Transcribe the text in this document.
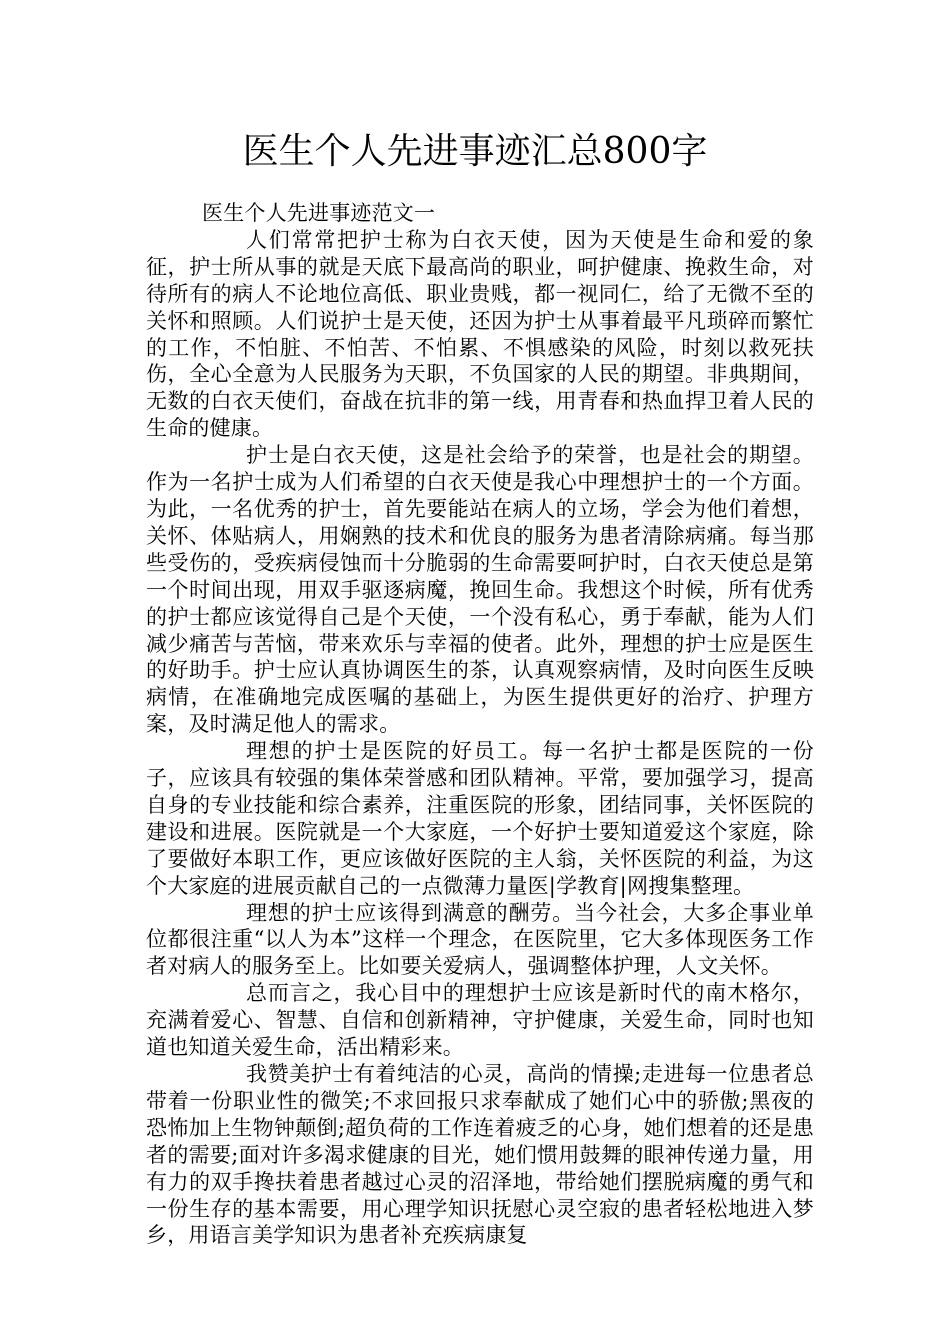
医生个人先进事迹汇总800字

医生个人先进事迹范文一

人们常常把护士称为白衣天使，因为天使是生命和爱的象征，护士所从事的就是天底下最高尚的职业，呵护健康、挽救生命，对待所有的病人不论地位高低、职业贵贱，都一视同仁，给了无微不至的关怀和照顾。人们说护士是天使，还因为护士从事着最平凡琐碎而繁忙的工作，不怕脏、不怕苦、不怕累、不惧感染的风险，时刻以救死扶伤，全心全意为人民服务为天职，不负国家的人民的期望。非典期间，无数的白衣天使们，奋战在抗非的第一线，用青春和热血捍卫着人民的生命的健康。

护士是白衣天使，这是社会给予的荣誉，也是社会的期望。作为一名护士成为人们希望的白衣天使是我心中理想护士的一个方面。为此，一名优秀的护士，首先要能站在病人的立场，学会为他们着想，关怀、体贴病人，用娴熟的技术和优良的服务为患者清除病痛。每当那些受伤的，受疾病侵蚀而十分脆弱的生命需要呵护时，白衣天使总是第一个时间出现，用双手驱逐病魔，挽回生命。我想这个时候，所有优秀的护士都应该觉得自己是个天使，一个没有私心，勇于奉献，能为人们减少痛苦与苦恼，带来欢乐与幸福的使者。此外，理想的护士应是医生的好助手。护士应认真协调医生的茶，认真观察病情，及时向医生反映病情，在准确地完成医嘱的基础上，为医生提供更好的治疗、护理方案，及时满足他人的需求。

理想的护士是医院的好员工。每一名护士都是医院的一份子，应该具有较强的集体荣誉感和团队精神。平常，要加强学习，提高自身的专业技能和综合素养，注重医院的形象，团结同事，关怀医院的建设和进展。医院就是一个大家庭，一个好护士要知道爱这个家庭，除了要做好本职工作，更应该做好医院的主人翁，关怀医院的利益，为这个大家庭的进展贡献自己的一点微薄力量医|学教育|网搜集整理。

理想的护士应该得到满意的酬劳。当今社会，大多企事业单位都很注重“以人为本”这样一个理念，在医院里，它大多体现医务工作者对病人的服务至上。比如要关爱病人，强调整体护理，人文关怀。

总而言之，我心目中的理想护士应该是新时代的南木格尔，充满着爱心、智慧、自信和创新精神，守护健康，关爱生命，同时也知道也知道关爱生命，活出精彩来。

我赞美护士有着纯洁的心灵，高尚的情操;走进每一位患者总带着一份职业性的微笑;不求回报只求奉献成了她们心中的骄傲;黑夜的恐怖加上生物钟颠倒;超负荷的工作连着疲乏的心身，她们想着的还是患者的需要;面对许多渴求健康的目光，她们惯用鼓舞的眼神传递力量，用有力的双手搀扶着患者越过心灵的沼泽地，带给她们摆脱病魔的勇气和一份生存的基本需要，用心理学知识抚慰心灵空寂的患者轻松地进入梦乡，用语言美学知识为患者补充疾病康复
